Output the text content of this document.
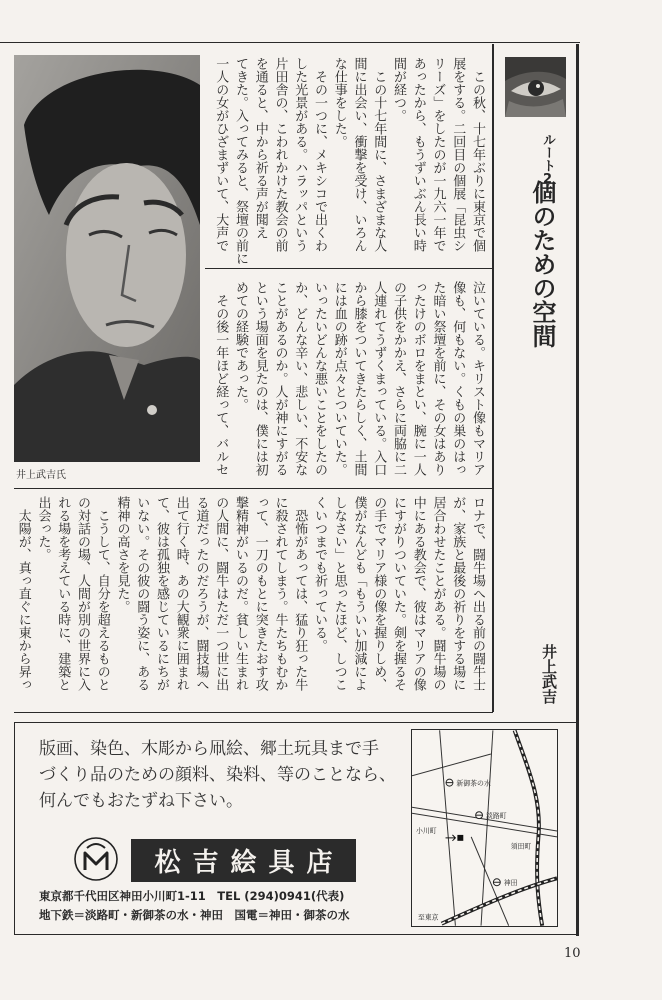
井上武吉氏
　この秋、十七年ぶりに東京で個
展をする。二回目の個展「昆虫シ
リーズ」をしたのが一九六一年で
あったから、もうずいぶん長い時
間が経つ。
　この十七年間に、さまざまな人
間に出会い、衝撃を受け、いろん
な仕事をした。
　その一つに、メキシコで出くわ
した光景がある。ハラッパという
片田舎の、こわれかけた教会の前
を通ると、中から祈る声が聞え
てきた。入ってみると、祭壇の前に
一人の女がひざまずいて、大声で
泣いている。キリスト像もマリア
像も、何もない。くもの巣のはっ
た暗い祭壇を前に、その女はあり
ったけのボロをまとい、腕に一人
の子供をかかえ、さらに両脇に二
人連れてうずくまっている。入口
から膝をついてきたらしく、土間
には血の跡が点々とついていた。
いったいどんな悪いことをしたの
か、どんな辛い、悲しい、不安な
ことがあるのか。人が神にすがる
という場面を見たのは、僕には初
めての経験であった。
　その後一年ほど経って、バルセ
ロナで、闘牛場へ出る前の闘牛士
が、家族と最後の祈りをする場に
居合わせたことがある。闘牛場の
中にある教会で、彼はマリアの像
にすがりついていた。剣を握るそ
の手でマリア様の像を握りしめ、
僕がなんども「もういい加減によ
しなさい」と思ったほど、しつこ
くいつまでも祈っている。
　恐怖があっては、猛り狂った牛
に殺されてしまう。牛たちもむか
って、一刀のもとに突きたおす攻
撃精神がいるのだ。貧しい生まれ
の人間に、闘牛はただ一つ世に出
る道だったのだろうが、闘技場へ
出て行く時、あの大観衆に囲まれ
て、彼は孤独を感じているにちが
いない。その彼の闘う姿に、ある
精神の高さを見た。
　こうして、自分を超えるものと
の対話の場、人間が別の世界に入
れる場を考えている時に、建築と
出会った。
　太陽が、真っ直ぐに東から昇っ
ルート2
個のための空間
井上武吉
版画、染色、木彫から凧絵、郷土玩具まで手
づくり品のための顔料、染料、等のことなら、
何んでもおたずね下さい。
松吉絵具店
東京都千代田区神田小川町1-11　TEL (294)0941(代表)
地下鉄＝淡路町・新御茶の水・神田　国電＝神田・御茶の水
新御茶の水
淡路町
須田町
小川町
神田
至東京
10
